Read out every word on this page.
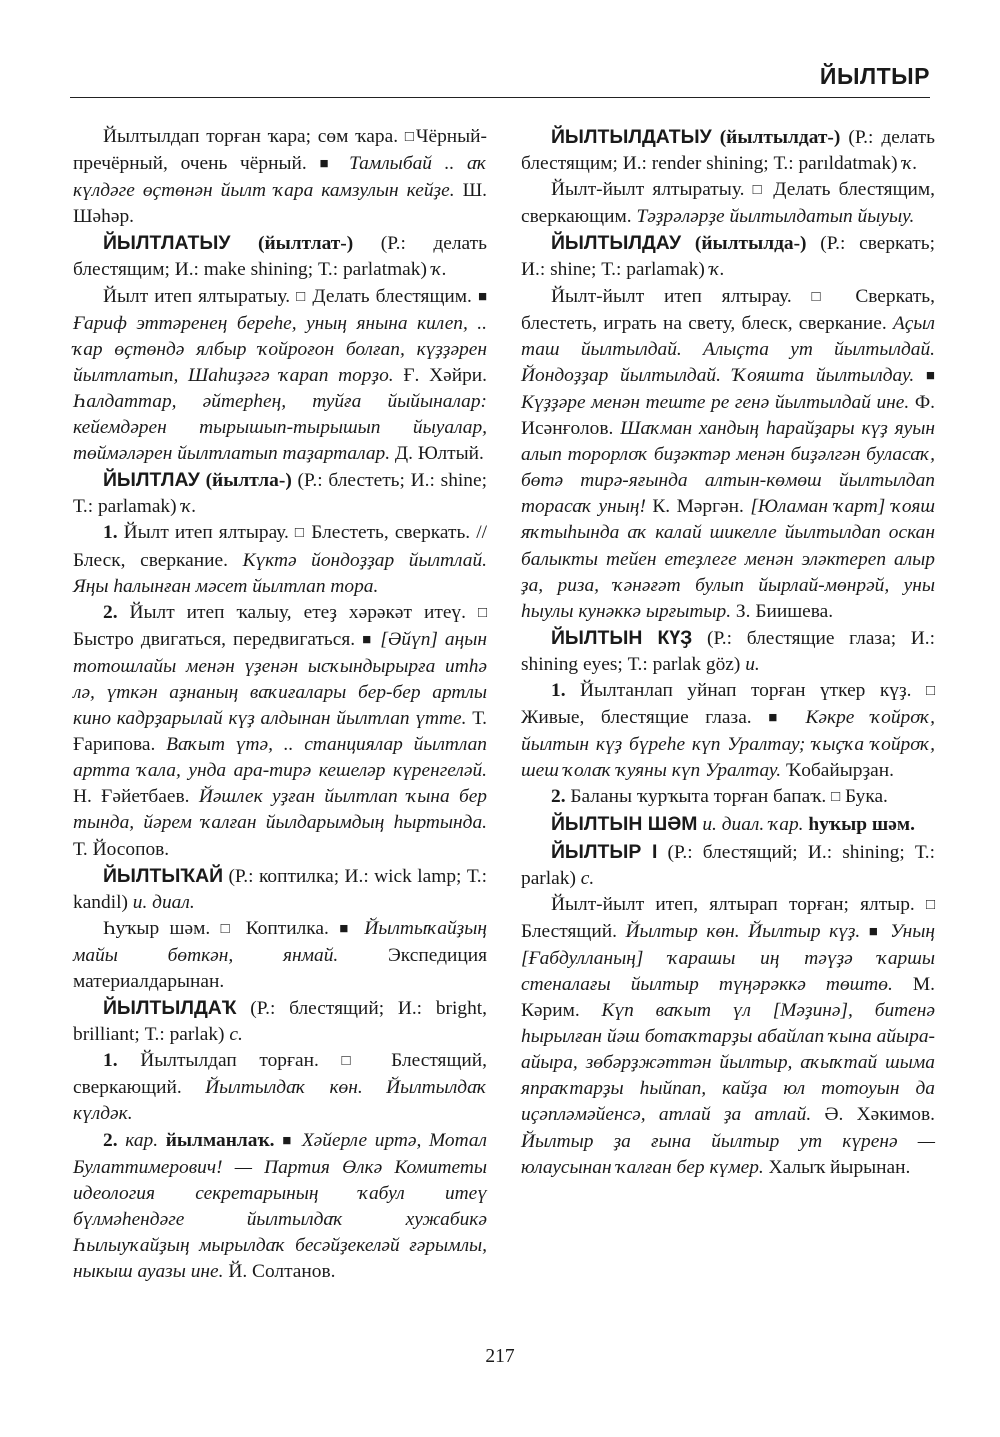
ЙЫЛТЫР

Йылтылдап торған ҡара; сөм ҡара. □Чёрный-пречёрный, очень чёрный. ■ Тамлыбай .. аҡ күлдәге өҫтөнән йылт ҡара камзулын кейҙе. Ш. Шәһәр.

ЙЫЛТЛАТЫУ (йылтлат-) (Р.: делать блестящим; И.: make shining; Т.: parlatmak) ҡ.

Йылт итеп ялтыратыу. □ Делать блестящим. ■ Ғариф эттәренең береһе, уның янына килеп, .. ҡар өҫтөндә ялбыр ҡойроғон болғап, күҙҙәрен йылтлатып, Шаһиҙәгә ҡарап торҙо. Ғ. Хәйри. Һалдаттар, әйтерһең, туйға йыйыналар: кейемдәрен тырышып-тырышып йыуалар, төймәләрен йылтлатып таҙарталар. Д. Юлтый.

ЙЫЛТЛАУ (йылтла-) (Р.: блестеть; И.: shine; Т.: parlamak) ҡ.

1. Йылт итеп ялтырау. □ Блестеть, сверкать. // Блеск, сверкание. Күктә йондоҙҙар йылтлай. Яңы һалынған мәсет йылтлап тора.

2. Йылт итеп ҡалыу, етеҙ хәрәкәт итеү. □ Быстро двигаться, передвигаться. ■ [Әйүп] аңын тотошлайы менән үҙенән ысҡындырырға итһә лә, үткән аҙнаның ваҡиғалары бер-бер артлы кино кадрҙарылай күҙ алдынан йылтлап үтте. Т. Ғарипова. Ваҡыт үтә, .. станциялар йылтлап артта ҡала, унда ара-тирә кешеләр күренгеләй. Н. Ғәйетбаев. Йәшлек уҙған йылтлап ҡына бер тында, йәрем ҡалған йылдарымдың һыртында. Т. Йосопов.

ЙЫЛТЫҠАЙ (Р.: коптилка; И.: wick lamp; Т.: kandil) и. диал.

Һуҡыр шәм. □ Коптилка. ■ Йылтыҡайҙың майы бөткән, янмай. Экспедиция материалдарынан.

ЙЫЛТЫЛДАҠ (Р.: блестящий; И.: bright, brilliant; Т.: parlak) с.

1. Йылтылдап торған. □ Блестящий, сверкающий. Йылтылдаҡ көн. Йылтылдаҡ күлдәк.

2. кар. йылманлаҡ. ■ Хәйерле иртә, Мотал Булаттимерович! — Партия Өлкә Комитеты идеология секретарының ҡабул итеү бүлмәһендәге йылтылдаҡ хужабикә Һылыуҡайҙың мырылдаҡ бесәйҙекеләй ғәрымлы, ныкыш ауазы ине. Й. Солтанов.

ЙЫЛТЫЛДАТЫУ (йылтылдат-) (Р.: делать блестящим; И.: render shining; Т.: parıldatmak) ҡ.

Йылт-йылт ялтыратыу. □ Делать блестящим, сверкающим. Тәҙрәләрҙе йылтылдатып йыуыу.

ЙЫЛТЫЛДАУ (йылтылда-) (Р.: сверкать; И.: shine; Т.: parlamak) ҡ.

Йылт-йылт итеп ялтырау. □ Сверкать, блестеть, играть на свету, блеск, сверкание. Аҫыл таш йылтылдай. Алыҫта ут йылтылдай. Йондоҙҙар йылтылдай. Ҡояшта йылтылдау. ■ Күҙҙәре менән теште ре генә йылтылдай ине. Ф. Исәнғолов. Шаҡман хандың һарайҙары күҙ яуын алып торорлоҡ биҙәктәр менән биҙәлгән буласаҡ, бөтә тирә-яғында алтын-көмөш йылтылдап торасаҡ уның! К. Мәргән. [Юламан ҡарт] ҡояш яҡтыһында аҡ калай шикелле йылтылдап оскан балыкты тейен етеҙлеге менән эләктереп алыр ҙа, риза, ҡәнәғәт булып йырлай-мөнрәй, уны һыулы кунәккә ырғытыр. З. Биишева.

ЙЫЛТЫН КҮҘ (Р.: блестящие глаза; И.: shining eyes; Т.: parlak göz) и.

1. Йылтанлап уйнап торған үткер күҙ. □ Живые, блестящие глаза. ■ Кәкре ҡойроҡ, йылтын күҙ бүреһе күп Уралтау; ҡыҫҡа ҡойроҡ, шеш ҡолаҡ ҡуяны күп Уралтау. Ҡобайырҙан.

2. Баланы ҡурҡыта торған бапаҡ. □ Бука.

ЙЫЛТЫН ШӘМ и. диал. ҡар. һуҡыр шәм.

ЙЫЛТЫР I (Р.: блестящий; И.: shining; Т.: parlak) с.

Йылт-йылт итеп, ялтырап торған; ялтыр. □ Блестящий. Йылтыр көн. Йылтыр күҙ. ■ Уның [Ғабдулланың] ҡарашы иң тәүҙә ҡаршы стеналағы йылтыр түңәрәккә төштө. М. Кәрим. Күп ваҡыт үл [Мәҙинә], битенә һырылған йәш ботаҡтарҙы абайлап ҡына айыра-айыра, зөбәрҙжәттән йылтыр, аҡыҡтай шыма япраҡтарҙы һыйпап, кайҙа юл тотоуын да иҫәпләмәйенсә, атлай ҙа атлай. Ә. Хәкимов. Йылтыр ҙа ғына йылтыр ут күренә — юлаусынан ҡалған бер күмер. Халыҡ йырынан.

217
